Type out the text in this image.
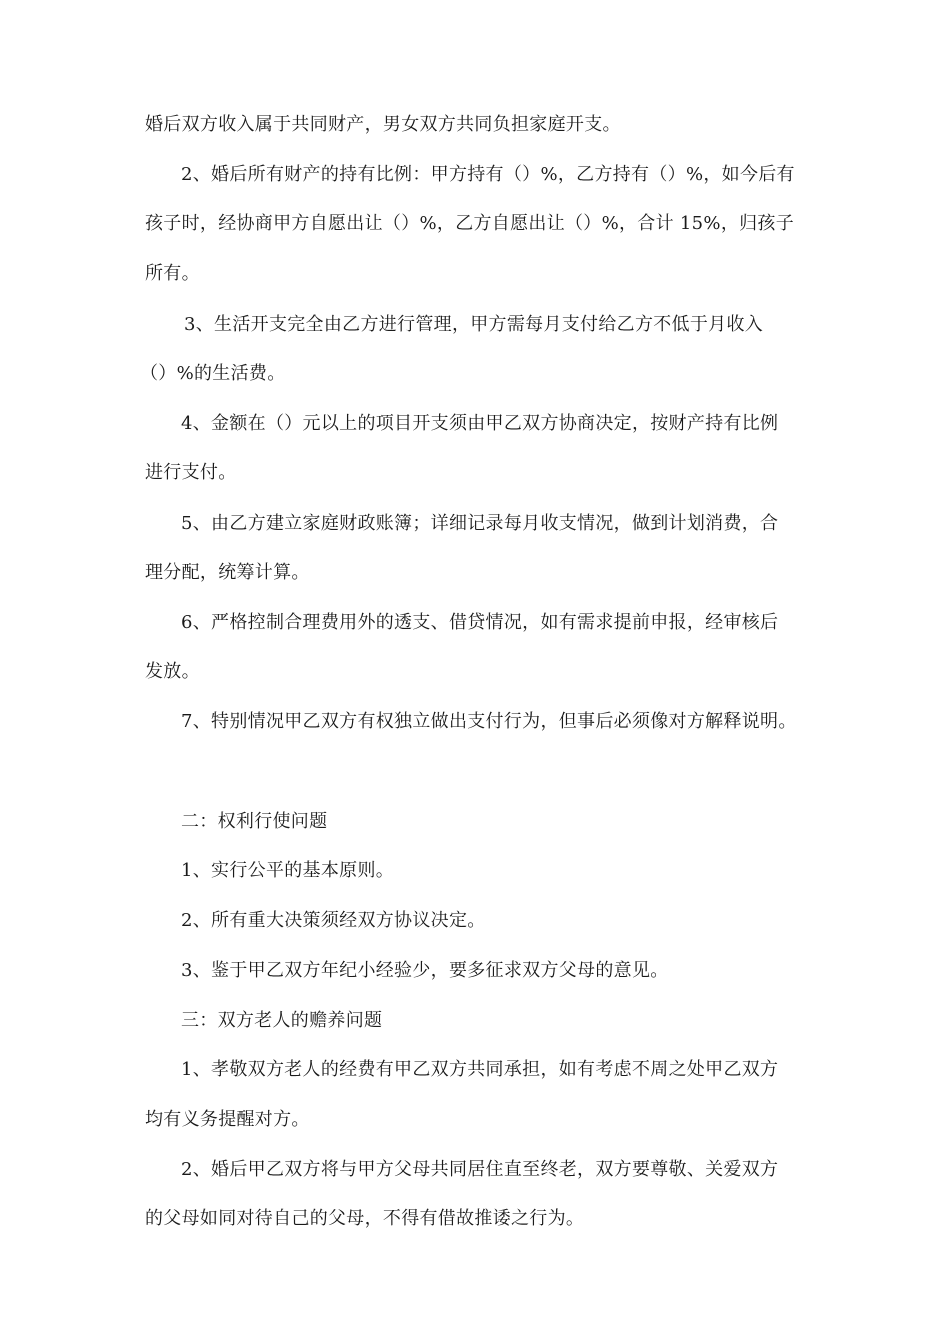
婚后双方收入属于共同财产，男女双方共同负担家庭开支。
2、婚后所有财产的持有比例：甲方持有（）%，乙方持有（）%，如今后有
孩子时，经协商甲方自愿出让（）%，乙方自愿出让（）%，合计 15%，归孩子
所有。
3、生活开支完全由乙方进行管理，甲方需每月支付给乙方不低于月收入
（）%的生活费。
4、金额在（）元以上的项目开支须由甲乙双方协商决定，按财产持有比例
进行支付。
5、由乙方建立家庭财政账簿；详细记录每月收支情况，做到计划消费，合
理分配，统筹计算。
6、严格控制合理费用外的透支、借贷情况，如有需求提前申报，经审核后
发放。
7、特别情况甲乙双方有权独立做出支付行为，但事后必须像对方解释说明。
二：权利行使问题
1、实行公平的基本原则。
2、所有重大决策须经双方协议决定。
3、鉴于甲乙双方年纪小经验少，要多征求双方父母的意见。
三：双方老人的赡养问题
1、孝敬双方老人的经费有甲乙双方共同承担，如有考虑不周之处甲乙双方
均有义务提醒对方。
2、婚后甲乙双方将与甲方父母共同居住直至终老，双方要尊敬、关爱双方
的父母如同对待自己的父母，不得有借故推诿之行为。
